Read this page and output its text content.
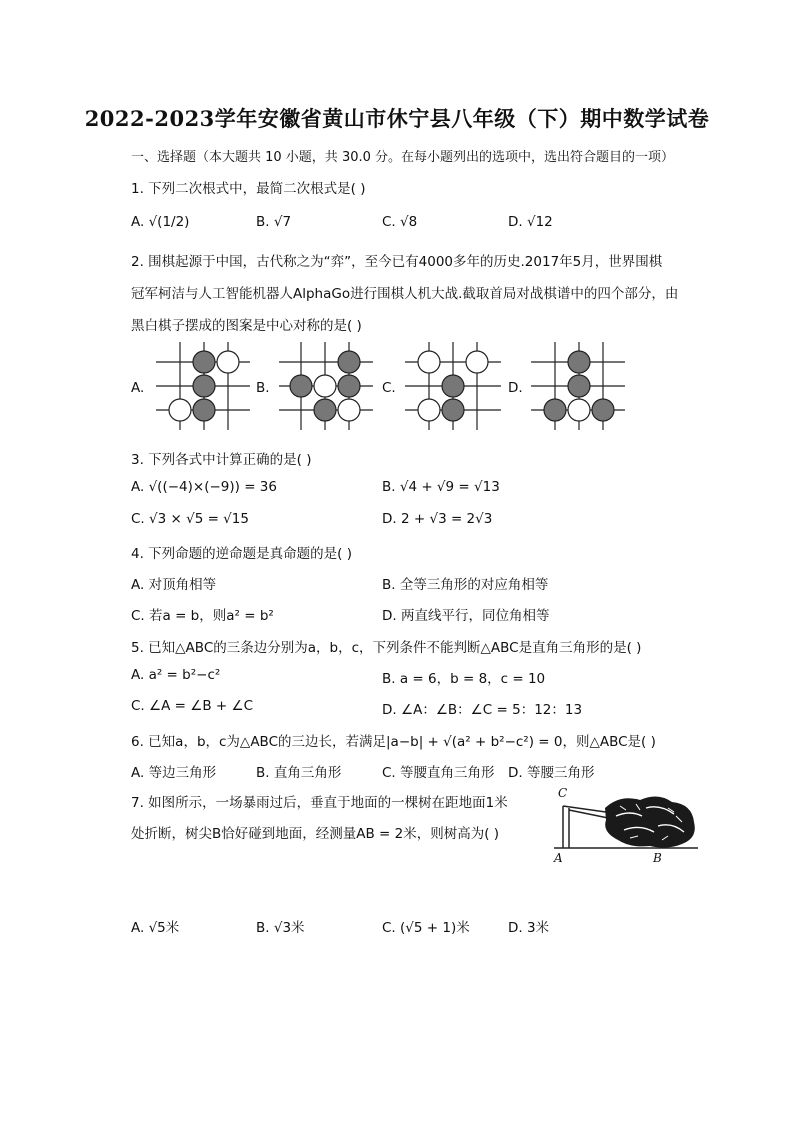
2022-2023学年安徽省黄山市休宁县八年级（下）期中数学试卷
一、选择题（本大题共 10 小题，共 30.0 分。在每小题列出的选项中，选出符合题目的一项）
1. 下列二次根式中，最简二次根式是( )
A. √(1/2)	B. √7	C. √8	D. √12
2. 围棋起源于中国，古代称之为“弈”，至今已有4000多年的历史.2017年5月，世界围棋
冠军柯洁与人工智能机器人AlphaGo进行围棋人机大战.截取首局对战棋谱中的四个部分，由
黑白棋子摆成的图案是中心对称的是( )
A.	B.	C.	D.
3. 下列各式中计算正确的是( )
A. √((−4)×(−9)) = 36	B. √4 + √9 = √13
C. √3 × √5 = √15	D. 2 + √3 = 2√3
4. 下列命题的逆命题是真命题的是( )
A. 对顶角相等	B. 全等三角形的对应角相等
C. 若a = b，则a² = b²	D. 两直线平行，同位角相等
5. 已知△ABC的三条边分别为a，b，c，下列条件不能判断△ABC是直角三角形的是( )
A. a² = b²−c²	B. a = 6，b = 8，c = 10
C. ∠A = ∠B + ∠C	D. ∠A：∠B：∠C = 5：12：13
6. 已知a，b，c为△ABC的三边长，若满足|a−b| + √(a² + b²−c²) = 0，则△ABC是( )
A. 等边三角形	B. 直角三角形	C. 等腰直角三角形 D. 等腰三角形
7. 如图所示，一场暴雨过后，垂直于地面的一棵树在距地面1米
处折断，树尖B恰好碰到地面，经测量AB = 2米，则树高为( )
C
A	B
A. √5米	B. √3米	C. (√5 + 1)米	D. 3米
